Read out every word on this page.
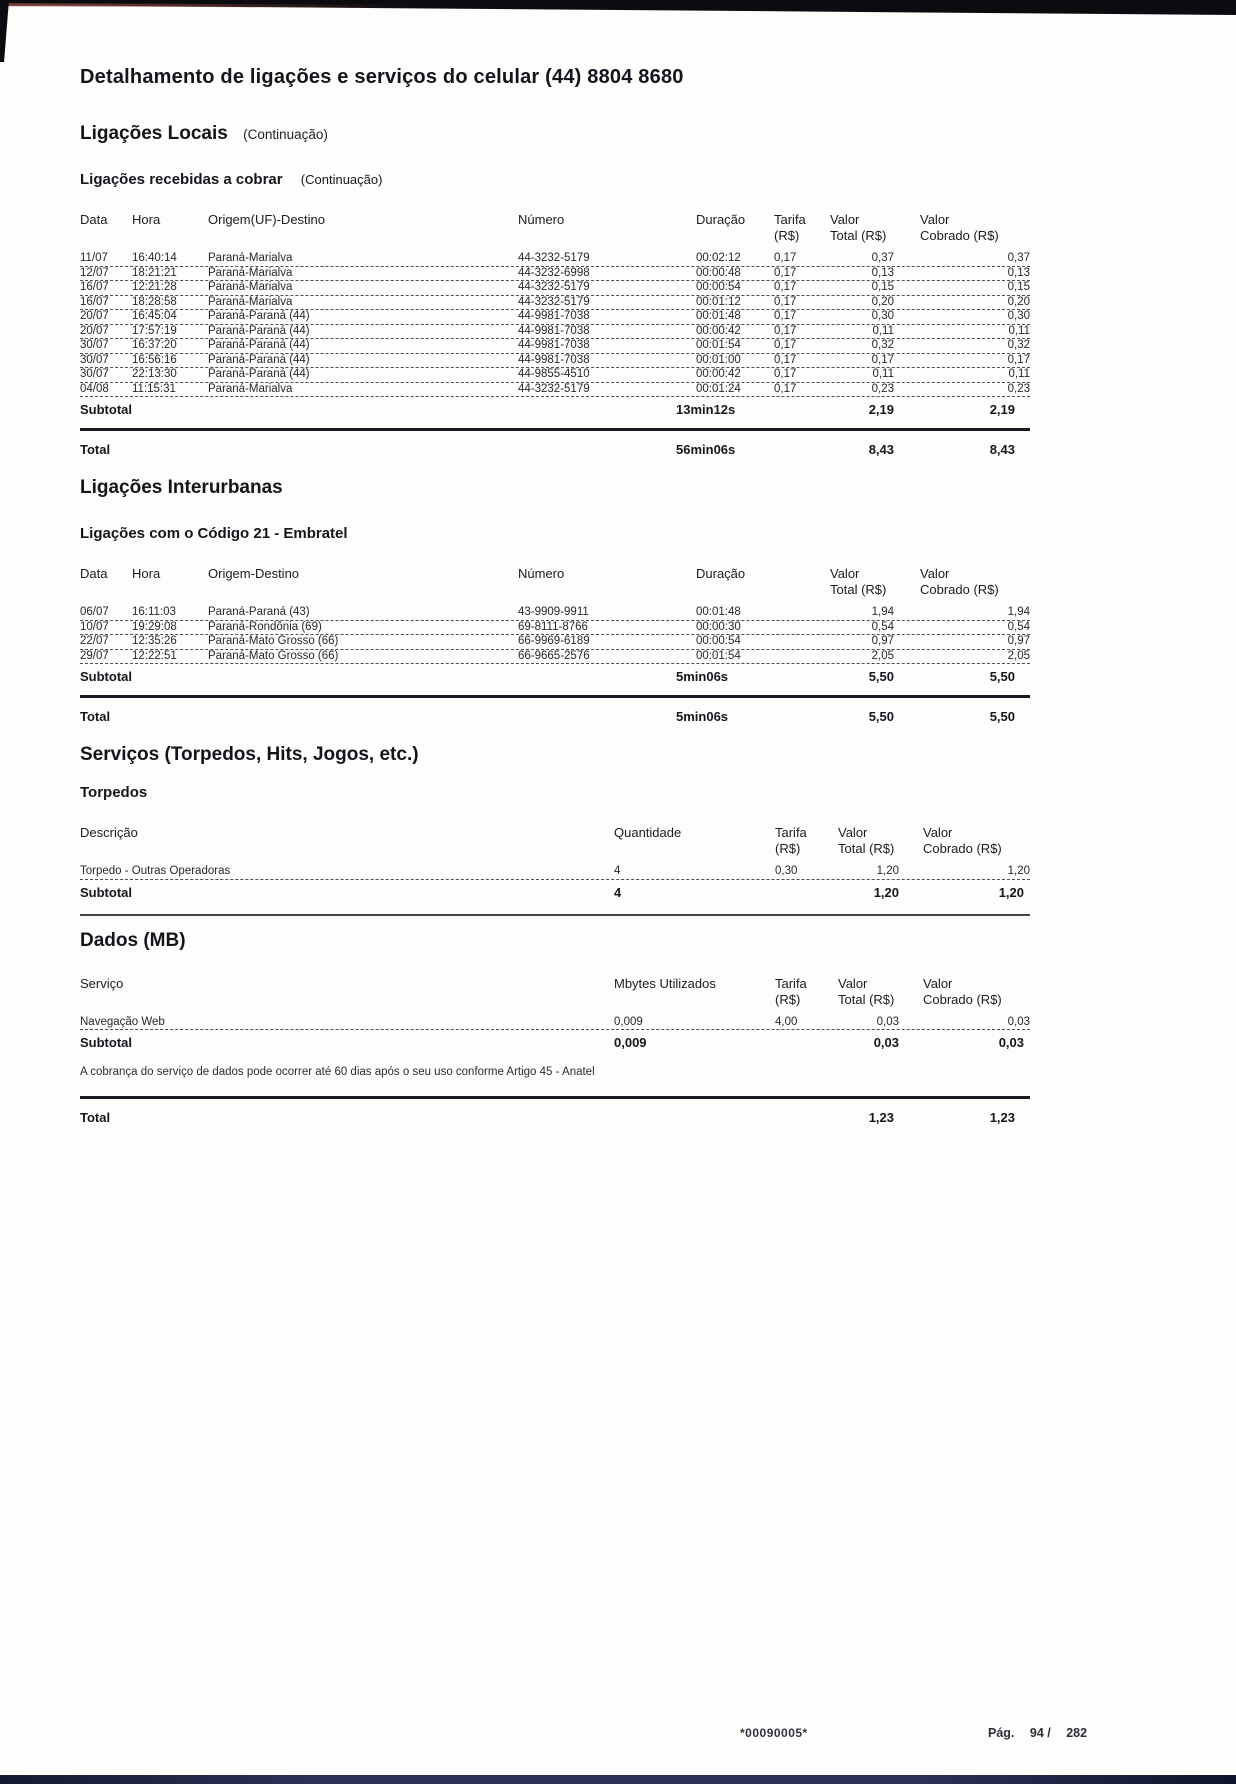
Detalhamento de ligações e serviços do celular (44) 8804 8680
Ligações Locais (Continuação)
Ligações recebidas a cobrar (Continuação)
Data	Hora	Origem(UF)-Destino	Número	Duração	Tarifa
(R$)
Valor
Total (R$)
Valor
Cobrado (R$)
11/07	16:40:14	Paraná-Marialva	44-3232-5179	00:02:12	0,17	0,37	0,37
12/07	18:21:21	Paraná-Marialva	44-3232-6998	00:00:48	0,17	0,13	0,13
16/07	12:21:28	Paraná-Marialva	44-3232-5179	00:00:54	0,17	0,15	0,15
16/07	18:28:58	Paraná-Marialva	44-3232-5179	00:01:12	0,17	0,20	0,20
20/07	16:45:04	Paraná-Paraná (44)	44-9981-7038	00:01:48	0,17	0,30	0,30
20/07	17:57:19	Paraná-Paraná (44)	44-9981-7038	00:00:42	0,17	0,11	0,11
30/07	16:37:20	Paraná-Paraná (44)	44-9981-7038	00:01:54	0,17	0,32	0,32
30/07	16:56:16	Paraná-Paraná (44)	44-9981-7038	00:01:00	0,17	0,17	0,17
30/07	22:13:30	Paraná-Paraná (44)	44-9855-4510	00:00:42	0,17	0,11	0,11
04/08	11:15:31	Paraná-Marialva	44-3232-5179	00:01:24	0,17	0,23	0,23
Subtotal	13min12s	2,19	2,19
Total	56min06s	8,43	8,43
Ligações Interurbanas
Ligações com o Código 21 - Embratel
Data	Hora	Origem-Destino	Número	Duração	Valor
Total (R$)
Valor
Cobrado (R$)
06/07	16:11:03	Paraná-Paraná (43)	43-9909-9911	00:01:48	1,94	1,94
10/07	19:29:08	Paraná-Rondônia (69)	69-8111-8766	00:00:30	0,54	0,54
22/07	12:35:26	Paraná-Mato Grosso (66)	66-9969-6189	00:00:54	0,97	0,97
29/07	12:22:51	Paraná-Mato Grosso (66)	66-9665-2576	00:01:54	2,05	2,05
Subtotal	5min06s	5,50	5,50
Total	5min06s	5,50	5,50
Serviços (Torpedos, Hits, Jogos, etc.)
Torpedos
Descrição	Quantidade	Tarifa
(R$)
Valor
Total (R$)
Valor
Cobrado (R$)
Torpedo - Outras Operadoras	4	0,30	1,20	1,20
Subtotal	4	1,20	1,20
Dados (MB)
Serviço	Mbytes Utilizados	Tarifa
(R$)
Valor
Total (R$)
Valor
Cobrado (R$)
Navegação Web	0,009	4,00	0,03	0,03
Subtotal	0,009	0,03	0,03
A cobrança do serviço de dados pode ocorrer até 60 dias após o seu uso conforme Artigo 45 - Anatel
Total	1,23	1,23
*00090005*	Pág. 94 / 282
